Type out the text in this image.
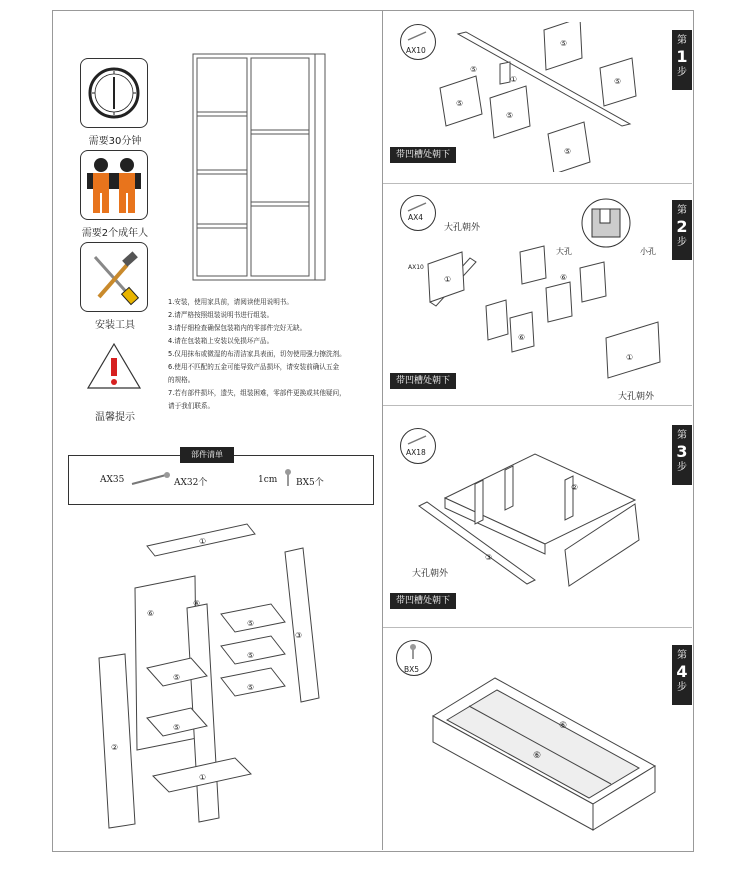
需要30分钟
需要2个成年人
安装工具
温馨提示
1.安装，使用家具前，请阅读使用说明书。
2.请严格按照组装说明书进行组装。
3.请仔细检查确保包装箱内的零部件完好无缺。
4.请在包装箱上安装以免损坏产品。
5.仅用抹布或微湿的布清洁家具表面，切勿使用强力擦洗剂。
6.使用不匹配的五金可能导致产品损坏，请安装前确认五金
的规格。
7.若有部件损坏，遗失，组装困难，零部件更换或其他疑问，
请于我们联系。
部件清单
AX35	AX32个	1cm BX5个
①
⑥
④
⑤
⑤
⑤
⑤
⑤
③
②
①
第
1
步
第
2
步
第
3
步
第
4
步
AX10
⑤
⑤
⑤
①	⑤
⑤
⑤
带凹槽处朝下
AX4
大孔朝外
AX10
大孔	小孔
①	⑥
⑥
①
带凹槽处朝下
大孔朝外
AX18
②
③
大孔朝外
带凹槽处朝下
BX5
⑥
⑥
